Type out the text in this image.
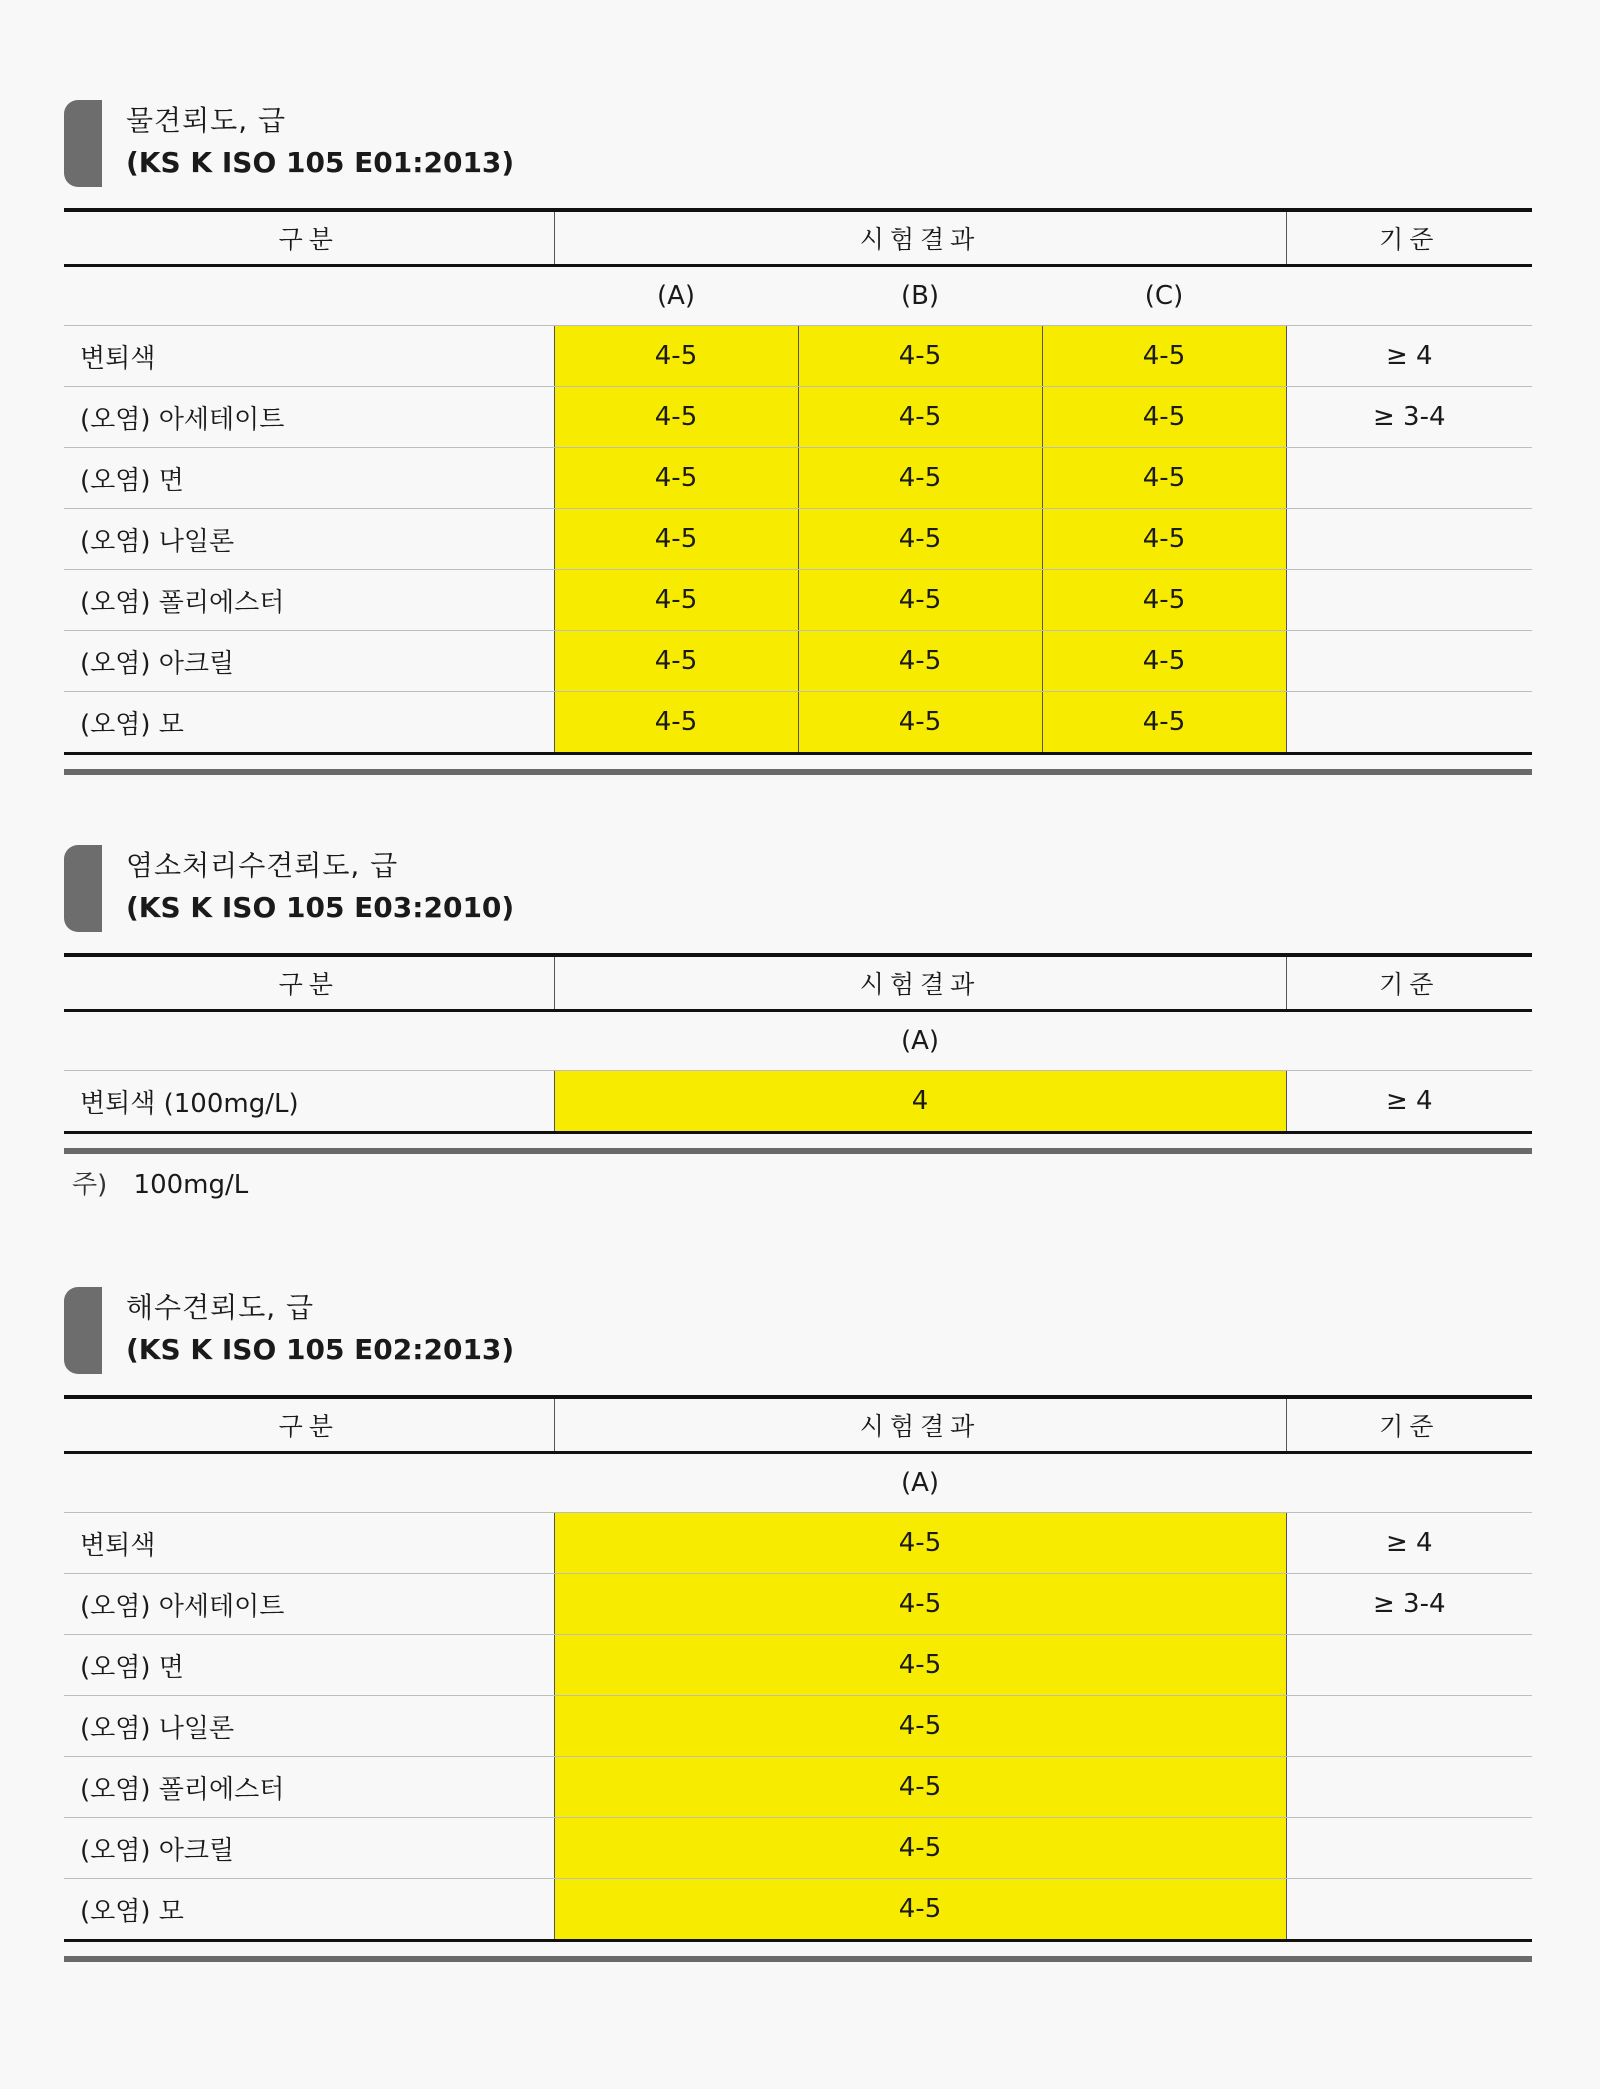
물견뢰도, 급
(KS K ISO 105 E01:2013)
구분	시험결과			기준
	(A)	(B)	(C)	
변퇴색	4-5	4-5	4-5	≥ 4
(오염) 아세테이트	4-5	4-5	4-5	≥ 3-4
(오염) 면	4-5	4-5	4-5	
(오염) 나일론	4-5	4-5	4-5	
(오염) 폴리에스터	4-5	4-5	4-5	
(오염) 아크릴	4-5	4-5	4-5	
(오염) 모	4-5	4-5	4-5	
염소처리수견뢰도, 급
(KS K ISO 105 E03:2010)
구분	시험결과	기준
	(A)	
변퇴색 (100mg/L)	4	≥ 4
주) 100mg/L
해수견뢰도, 급
(KS K ISO 105 E02:2013)
구분	시험결과	기준
	(A)	
변퇴색	4-5	≥ 4
(오염) 아세테이트	4-5	≥ 3-4
(오염) 면	4-5	
(오염) 나일론	4-5	
(오염) 폴리에스터	4-5	
(오염) 아크릴	4-5	
(오염) 모	4-5	
